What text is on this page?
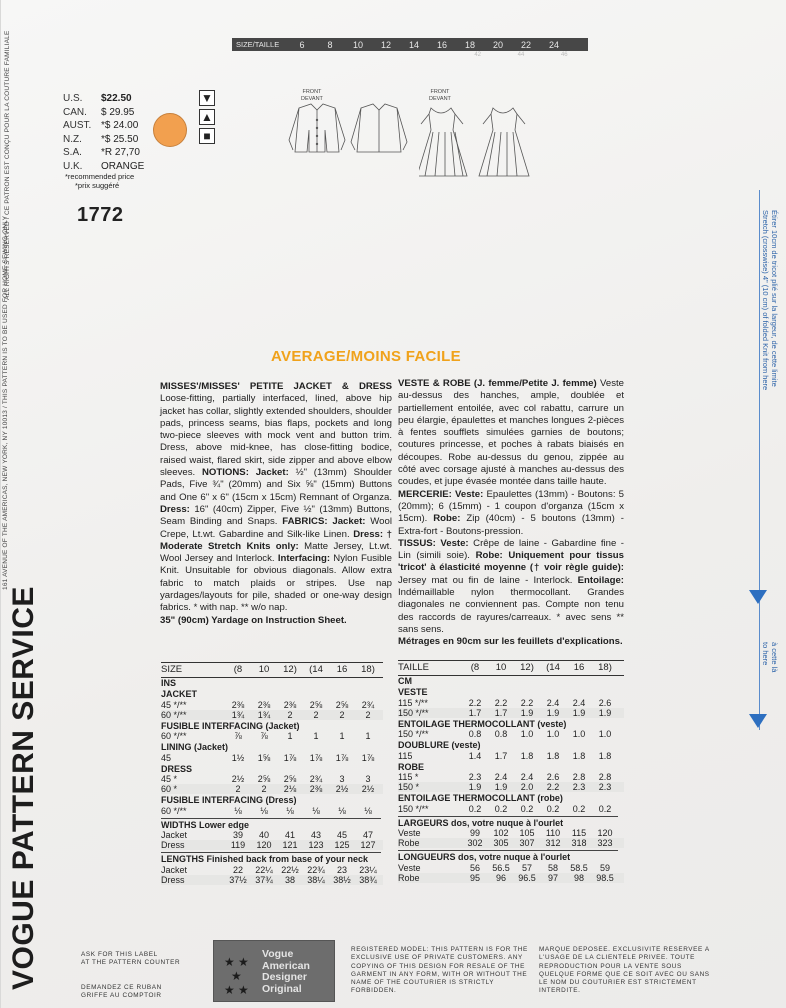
VOGUE PATTERN SERVICE
161 AVENUE OF THE AMERICAS, NEW YORK, NY 10013 / THIS PATTERN IS TO BE USED FOR HOME SEWING ONLY
ALL RIGHTS RESERVED / CE PATRON EST CONÇU POUR LA COUTURE FAMILIALE	SIZE/TAILLE	6	8	10	12	14	16	18	20	22	24
42	44	46
U.S.	$22.50
CAN.	$ 29.95
AUST. *$ 24.00
N.Z.	*$ 25.50
S.A.	*R 27,70
U.K.	ORANGE
*recommended price
*prix suggéré
1772
▼
▲
■
FRONT
DEVANT
FRONT
DEVANT
Stretch (crosswise) 4" (10 cm) of folded Knit from here Étirer 10cm de tricot plié sur la largeur, de cette limite
to here à cette là
AVERAGE/MOINS FACILE
MISSES'/MISSES' PETITE JACKET & DRESS Loose-fitting, partially interfaced, lined, above hip jacket has collar, slightly extended shoulders, shoulder pads, princess seams, bias flaps, pockets and long two-piece sleeves with mock vent and button trim. Dress, above mid-knee, has close-fitting bodice, raised waist, flared skirt, side zipper and above elbow sleeves. NOTIONS: Jacket: ½" (13mm) Shoulder Pads, Five ¾" (20mm) and Six ⅝" (15mm) Buttons and One 6" x 6" (15cm x 15cm) Remnant of Organza. Dress: 16" (40cm) Zipper, Five ½" (13mm) Buttons, Seam Binding and Snaps. FABRICS: Jacket: Wool Crepe, Lt.wt. Gabardine and Silk-like Linen. Dress: † Moderate Stretch Knits only: Matte Jersey, Lt.wt. Wool Jersey and Interlock. Interfacing: Nylon Fusible Knit. Unsuitable for obvious diagonals. Allow extra fabric to match plaids or stripes. Use nap yardages/layouts for pile, shaded or one-way design fabrics. * with nap. ** w/o nap.
35" (90cm) Yardage on Instruction Sheet.
VESTE & ROBE (J. femme/Petite J. femme) Veste au-dessus des hanches, ample, doublée et partiellement entoilée, avec col rabattu, carrure un peu élargie, épaulettes et manches longues 2-pièces à fentes soufflets simulées garnies de boutons; coutures princesse, et poches à rabats biaisés en découpes. Robe au-dessus du genou, zippée au côté avec corsage ajusté à manches au-dessus des coudes, et jupe évasée montée dans taille haute.
MERCERIE: Veste: Epaulettes (13mm) - Boutons: 5 (20mm); 6 (15mm) - 1 coupon d'organza (15cm x 15cm). Robe: Zip (40cm) - 5 boutons (13mm) - Extra-fort - Boutons-pression.
TISSUS: Veste: Crêpe de laine - Gabardine fine - Lin (simili soie). Robe: Uniquement pour tissus 'tricot' à élasticité moyenne († voir règle guide): Jersey mat ou fin de laine - Interlock. Entoilage: Indémaillable nylon thermocollant. Grandes diagonales ne conviennent pas. Compte non tenu des raccords de rayures/carreaux. * avec sens ** sans sens.
Métrages en 90cm sur les feuillets d'explications.
SIZE	(8	10	12)	(14	16	18)
INS
JACKET
45 */**	2⅜	2⅜	2⅜	2⅝	2⅝	2¾
60 */**	1¾	1¾	2	2	2	2
FUSIBLE INTERFACING (Jacket)
60 */**	⅞	⅞	1	1	1	1
LINING (Jacket)
45	1½	1⅝	1⅞	1⅞	1⅞	1⅞
DRESS
45 *	2½	2⅝	2⅝	2¾	3	3
60 *	2	2	2⅛	2⅜	2½	2½
FUSIBLE INTERFACING (Dress)
60 */**	⅛	⅛	⅛	⅛	⅛	⅛
WIDTHS Lower edge
Jacket	39	40	41	43	45	47
Dress	119	120	121	123	125	127
LENGTHS Finished back from base of your neck
Jacket	22	22¼ 22½ 22¾	23	23¼
Dress	37½ 37¾	38	38¼ 38½ 38¾
TAILLE	(8	10	12)	(14	16	18)
CM
VESTE
115 */**	2.2	2.2	2.2	2.4	2.4	2.6
150 */**	1.7	1.7	1.9	1.9	1.9	1.9
ENTOILAGE THERMOCOLLANT (veste)
150 */**	0.8	0.8	1.0	1.0	1.0	1.0
DOUBLURE (veste)
115	1.4	1.7	1.8	1.8	1.8	1.8
ROBE
115 *	2.3	2.4	2.4	2.6	2.8	2.8
150 *	1.9	1.9	2.0	2.2	2.3	2.3
ENTOILAGE THERMOCOLLANT (robe)
150 */**	0.2	0.2	0.2	0.2	0.2	0.2
LARGEURS dos, votre nuque à l'ourlet
Veste	99	102	105	110	115	120
Robe	302	305	307	312	318	323
LONGUEURS dos, votre nuque à l'ourlet
Veste	56	56.5	57	58	58.5	59
Robe	95	96	96.5	97	98	98.5
ASK FOR THIS LABEL
AT THE PATTERN COUNTER
DEMANDEZ CE RUBAN
GRIFFE AU COMPTOIR
★ ★
★
★ ★
Vogue
American
Designer
Original
REGISTERED MODEL: THIS PATTERN IS FOR THE EXCLUSIVE USE OF PRIVATE CUSTOMERS. ANY COPYING OF THIS DESIGN FOR RESALE OF THE GARMENT IN ANY FORM, WITH OR WITHOUT THE NAME OF THE COUTURIER IS STRICTLY FORBIDDEN.
MARQUE DEPOSEE. EXCLUSIVITE RESERVEE A L'USAGE DE LA CLIENTELE PRIVEE. TOUTE REPRODUCTION POUR LA VENTE SOUS QUELQUE FORME QUE CE SOIT AVEC OU SANS LE NOM DU COUTURIER EST STRICTEMENT INTERDITE.
